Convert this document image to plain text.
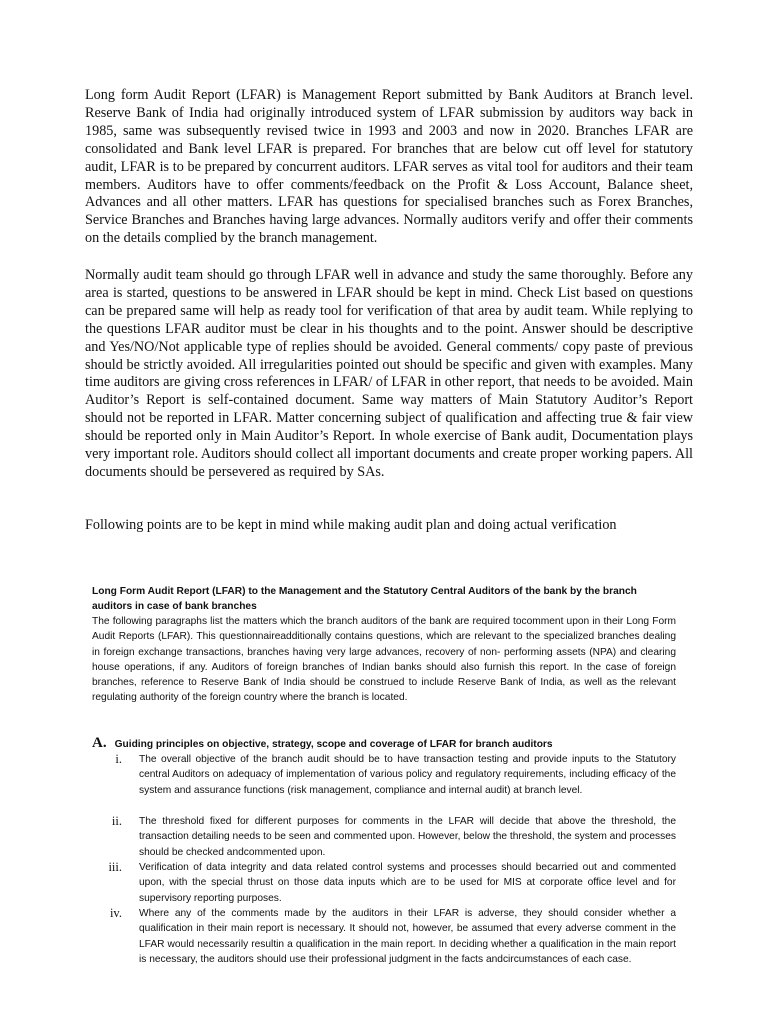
Long form Audit Report (LFAR) is Management Report submitted by Bank Auditors at Branch level. Reserve Bank of India had originally introduced system of LFAR submission by auditors way back in 1985, same was subsequently revised twice in 1993 and 2003 and now in 2020. Branches LFAR are consolidated and Bank level LFAR is prepared. For branches that are below cut off level for statutory audit, LFAR is to be prepared by concurrent auditors. LFAR serves as vital tool for auditors and their team members. Auditors have to offer comments/feedback on the Profit & Loss Account, Balance sheet, Advances and all other matters. LFAR has questions for specialised branches such as Forex Branches, Service Branches and Branches having large advances. Normally auditors verify and offer their comments on the details complied by the branch management.

Normally audit team should go through LFAR well in advance and study the same thoroughly. Before any area is started, questions to be answered in LFAR should be kept in mind. Check List based on questions can be prepared same will help as ready tool for verification of that area by audit team. While replying to the questions LFAR auditor must be clear in his thoughts and to the point. Answer should be descriptive and Yes/NO/Not applicable type of replies should be avoided. General comments/ copy paste of previous should be strictly avoided. All irregularities pointed out should be specific and given with examples. Many time auditors are giving cross references in LFAR/ of LFAR in other report, that needs to be avoided. Main Auditor’s Report is self-contained document. Same way matters of Main Statutory Auditor’s Report should not be reported in LFAR. Matter concerning subject of qualification and affecting true & fair view should be reported only in Main Auditor’s Report. In whole exercise of Bank audit, Documentation plays very important role. Auditors should collect all important documents and create proper working papers. All documents should be persevered as required by SAs.

Following points are to be kept in mind while making audit plan and doing actual verification

Long Form Audit Report (LFAR) to the Management and the Statutory Central Auditors of the bank by the branch auditors in case of bank branches

The following paragraphs list the matters which the branch auditors of the bank are required tocomment upon in their Long Form Audit Reports (LFAR). This questionnaireadditionally contains questions, which are relevant to the specialized branches dealing in foreign exchange transactions, branches having very large advances, recovery of non- performing assets (NPA) and clearing house operations, if any. Auditors of foreign branches of Indian banks should also furnish this report. In the case of foreign branches, reference to Reserve Bank of India should be construed to include Reserve Bank of India, as well as the relevant regulating authority of the foreign country where the branch is located.

A. Guiding principles on objective, strategy, scope and coverage of LFAR for branch auditors
i. The overall objective of the branch audit should be to have transaction testing and provide inputs to the Statutory central Auditors on adequacy of implementation of various policy and regulatory requirements, including efficacy of the system and assurance functions (risk management, compliance and internal audit) at branch level.
ii. The threshold fixed for different purposes for comments in the LFAR will decide that above the threshold, the transaction detailing needs to be seen and commented upon. However, below the threshold, the system and processes should be checked andcommented upon.
iii. Verification of data integrity and data related control systems and processes should becarried out and commented upon, with the special thrust on those data inputs which are to be used for MIS at corporate office level and for supervisory reporting purposes.
iv. Where any of the comments made by the auditors in their LFAR is adverse, they should consider whether a qualification in their main report is necessary. It should not, however, be assumed that every adverse comment in the LFAR would necessarily resultin a qualification in the main report. In deciding whether a qualification in the main report is necessary, the auditors should use their professional judgment in the facts andcircumstances of each case.
